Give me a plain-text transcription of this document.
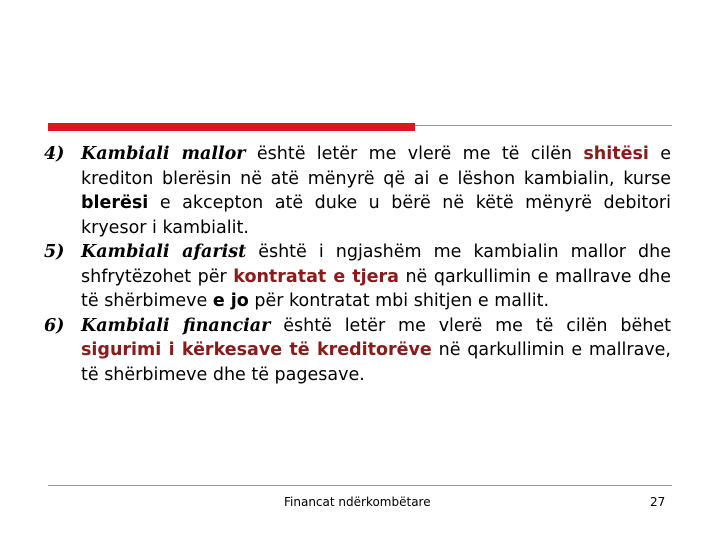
4) Kambiali mallor është letër me vlerë me të cilën shitësi e krediton blerësin në atë mënyrë që ai e lëshon kambialin, kurse blerësi e akcepton atë duke u bërë në këtë mënyrë debitori kryesor i kambialit.
5) Kambiali afarist është i ngjashëm me kambialin mallor dhe shfrytëzohet për kontratat e tjera në qarkullimin e mallrave dhe të shërbimeve e jo për kontratat mbi shitjen e mallit.
6) Kambiali financiar është letër me vlerë me të cilën bëhet sigurimi i kërkesave të kreditorëve në qarkullimin e mallrave, të shërbimeve dhe të pagesave.
Financat ndërkombëtare	27
